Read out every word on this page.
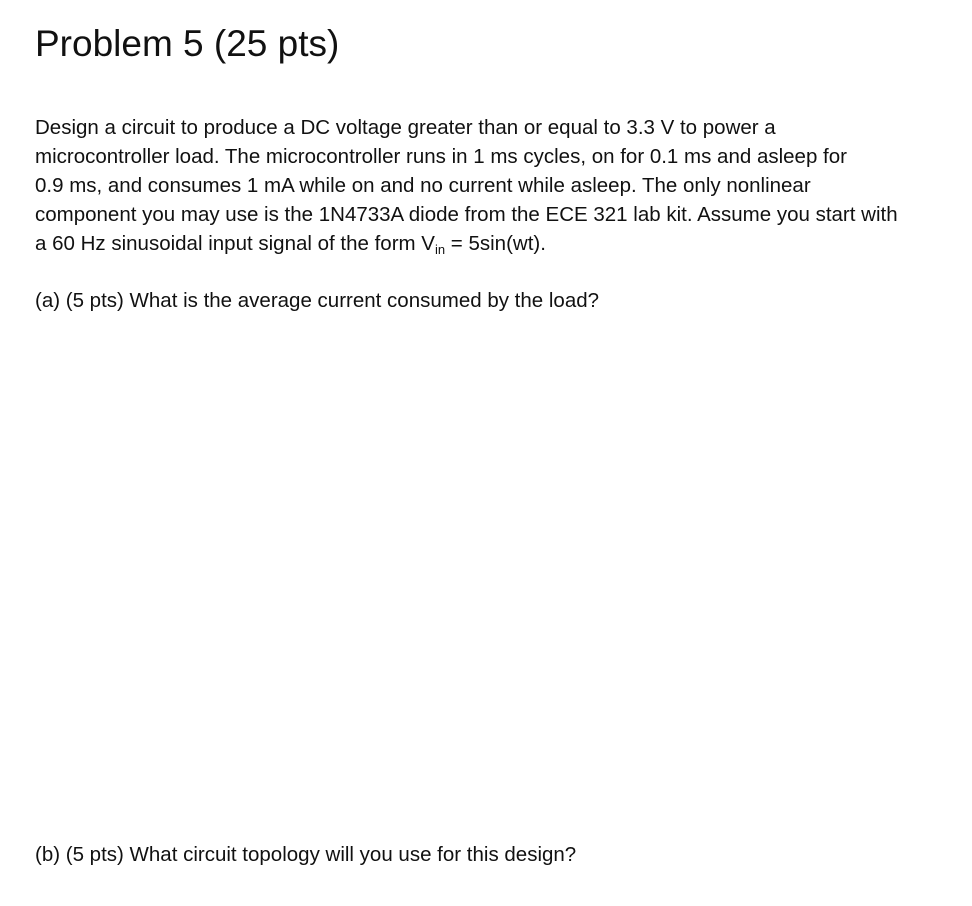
Problem 5 (25 pts)
Design a circuit to produce a DC voltage greater than or equal to 3.3 V to power a
microcontroller load. The microcontroller runs in 1 ms cycles, on for 0.1 ms and asleep for
0.9 ms, and consumes 1 mA while on and no current while asleep. The only nonlinear
component you may use is the 1N4733A diode from the ECE 321 lab kit. Assume you start with
a 60 Hz sinusoidal input signal of the form $V_{in} = 5\sin(wt)$.

(a) (5 pts) What is the average current consumed by the load?

(b) (5 pts) What circuit topology will you use for this design?
